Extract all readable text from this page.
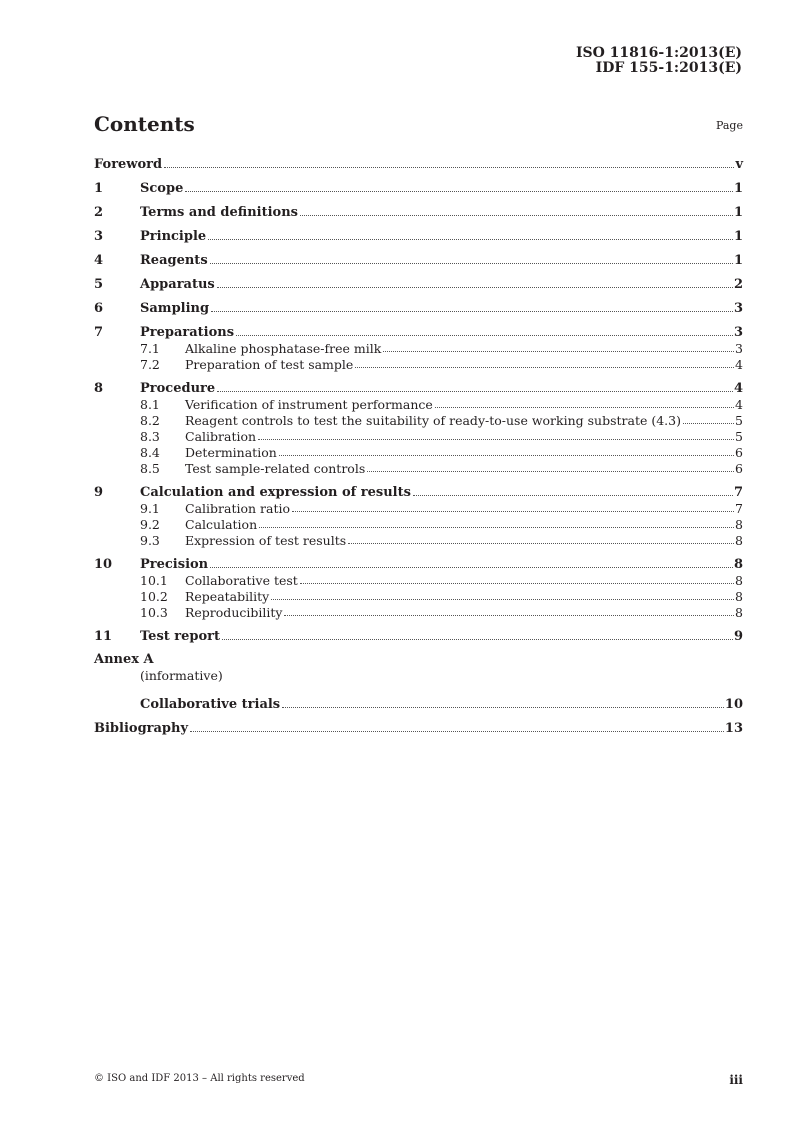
ISO 11816-1:2013(E)
IDF 155-1:2013(E)
Contents	Page
Foreword	v
1	Scope	1
2	Terms and definitions	1
3	Principle	1
4	Reagents	1
5	Apparatus	2
6	Sampling	3
7	Preparations	3
7.1 Alkaline phosphatase-free milk	3
7.2 Preparation of test sample	4
8	Procedure	4
8.1 Verification of instrument performance	4
8.2 Reagent controls to test the suitability of ready-to-use working substrate (4.3)	5
8.3 Calibration	5
8.4 Determination	6
8.5 Test sample-related controls	6
9	Calculation and expression of results	7
9.1 Calibration ratio	7
9.2 Calculation	8
9.3 Expression of test results	8
10 Precision	8
10.1 Collaborative test	8
10.2 Repeatability	8
10.3 Reproducibility	8
11 Test report	9
Annex A
(informative)
Collaborative trials	10
Bibliography	13
© ISO and IDF 2013 – All rights reserved	iii
